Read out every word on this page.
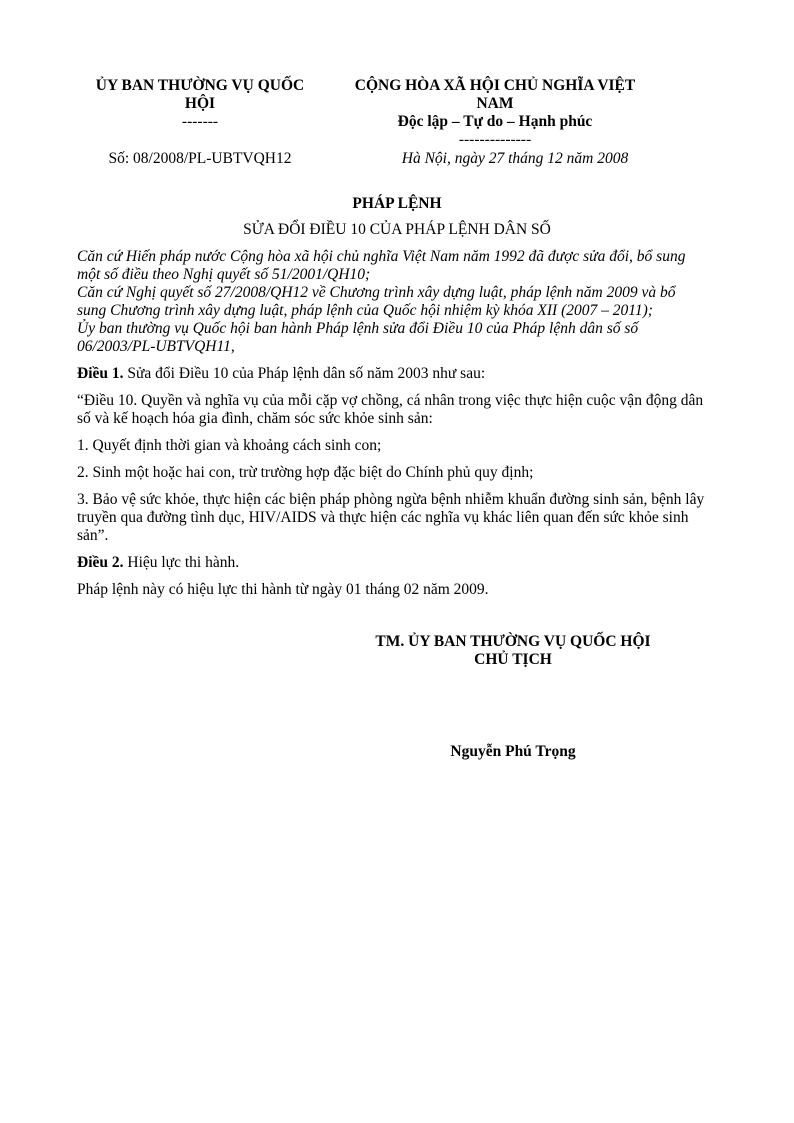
ỦY BAN THƯỜNG VỤ QUỐC HỘI
-------
CỘNG HÒA XÃ HỘI CHỦ NGHĨA VIỆT NAM
Độc lập – Tự do – Hạnh phúc
--------------
Số: 08/2008/PL-UBTVQH12	Hà Nội, ngày 27 tháng 12 năm 2008
PHÁP LỆNH
SỬA ĐỔI ĐIỀU 10 CỦA PHÁP LỆNH DÂN SỐ

Căn cứ Hiến pháp nước Cộng hòa xã hội chủ nghĩa Việt Nam năm 1992 đã được sửa đổi, bổ sung một số điều theo Nghị quyết số 51/2001/QH10;

Căn cứ Nghị quyết số 27/2008/QH12 về Chương trình xây dựng luật, pháp lệnh năm 2009 và bổ sung Chương trình xây dựng luật, pháp lệnh của Quốc hội nhiệm kỳ khóa XII (2007 – 2011);

Ủy ban thường vụ Quốc hội ban hành Pháp lệnh sửa đổi Điều 10 của Pháp lệnh dân số số 06/2003/PL-UBTVQH11,

Điều 1. Sửa đổi Điều 10 của Pháp lệnh dân số năm 2003 như sau:

“Điều 10. Quyền và nghĩa vụ của mỗi cặp vợ chồng, cá nhân trong việc thực hiện cuộc vận động dân số và kế hoạch hóa gia đình, chăm sóc sức khỏe sinh sản:

1. Quyết định thời gian và khoảng cách sinh con;

2. Sinh một hoặc hai con, trừ trường hợp đặc biệt do Chính phủ quy định;

3. Bảo vệ sức khỏe, thực hiện các biện pháp phòng ngừa bệnh nhiễm khuẩn đường sinh sản, bệnh lây truyền qua đường tình dục, HIV/AIDS và thực hiện các nghĩa vụ khác liên quan đến sức khỏe sinh sản”.

Điều 2. Hiệu lực thi hành.

Pháp lệnh này có hiệu lực thi hành từ ngày 01 tháng 02 năm 2009.

TM. ỦY BAN THƯỜNG VỤ QUỐC HỘI
CHỦ TỊCH
Nguyễn Phú Trọng
